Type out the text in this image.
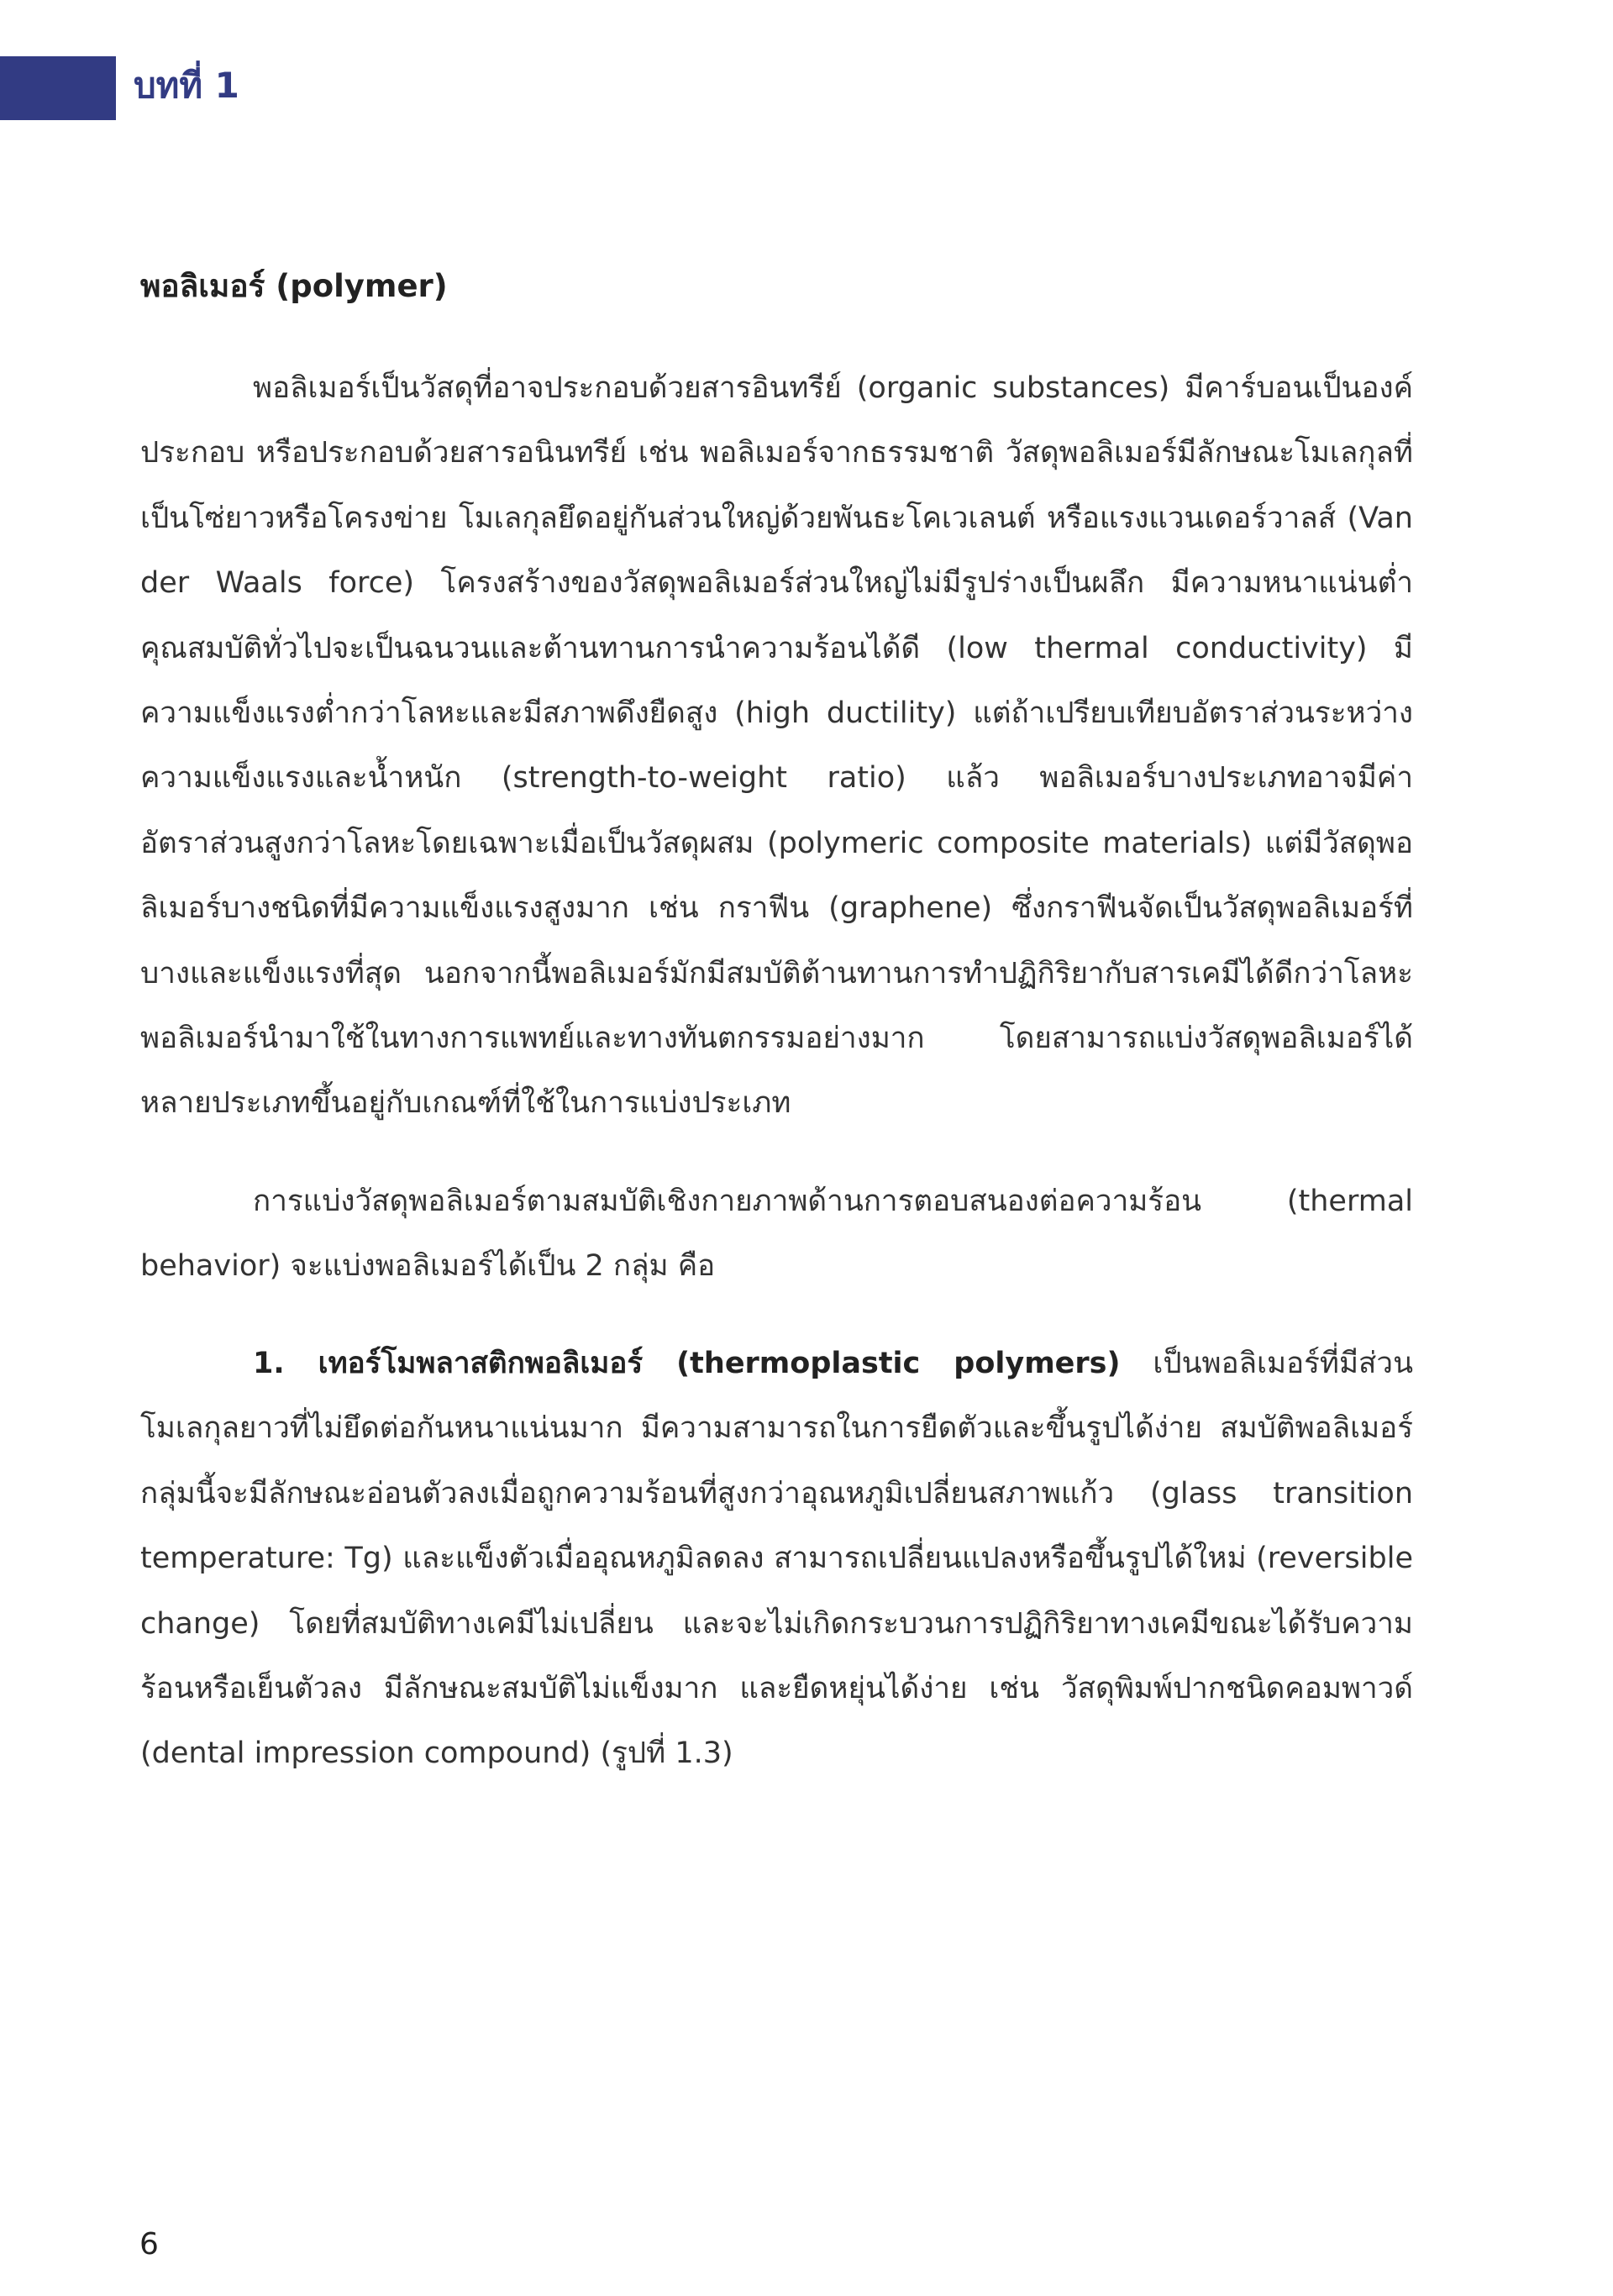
บทที่ 1
พอลิเมอร์ (polymer)

พอลิเมอร์เป็นวัสดุที่อาจประกอบด้วยสารอินทรีย์ (organic substances) มีคาร์บอนเป็นองค์ประกอบ หรือประกอบด้วยสารอนินทรีย์ เช่น พอลิเมอร์จากธรรมชาติ วัสดุพอลิเมอร์มีลักษณะโมเลกุลที่เป็นโซ่ยาวหรือโครงข่าย โมเลกุลยึดอยู่กันส่วนใหญ่ด้วยพันธะโคเวเลนต์ หรือแรงแวนเดอร์วาลส์ (Van der Waals force) โครงสร้างของวัสดุพอลิเมอร์ส่วนใหญ่ไม่มีรูปร่างเป็นผลึก มีความหนาแน่นต่ำ คุณสมบัติทั่วไปจะเป็นฉนวนและต้านทานการนำความร้อนได้ดี (low thermal conductivity) มีความแข็งแรงต่ำกว่าโลหะและมีสภาพดึงยืดสูง (high ductility) แต่ถ้าเปรียบเทียบอัตราส่วนระหว่างความแข็งแรงและน้ำหนัก (strength-to-weight ratio) แล้ว พอลิเมอร์บางประเภทอาจมีค่าอัตราส่วนสูงกว่าโลหะโดยเฉพาะเมื่อเป็นวัสดุผสม (polymeric composite materials) แต่มีวัสดุพอลิเมอร์บางชนิดที่มีความแข็งแรงสูงมาก เช่น กราฟีน (graphene) ซึ่งกราฟีนจัดเป็นวัสดุพอลิเมอร์ที่บางและแข็งแรงที่สุด นอกจากนี้พอลิเมอร์มักมีสมบัติต้านทานการทำปฏิกิริยากับสารเคมีได้ดีกว่าโลหะ พอลิเมอร์นำมาใช้ในทางการแพทย์และทางทันตกรรมอย่างมาก โดยสามารถแบ่งวัสดุพอลิเมอร์ได้หลายประเภทขึ้นอยู่กับเกณฑ์ที่ใช้ในการแบ่งประเภท

การแบ่งวัสดุพอลิเมอร์ตามสมบัติเชิงกายภาพด้านการตอบสนองต่อความร้อน (thermal behavior) จะแบ่งพอลิเมอร์ได้เป็น 2 กลุ่ม คือ

1. เทอร์โมพลาสติกพอลิเมอร์ (thermoplastic polymers) เป็นพอลิเมอร์ที่มีส่วนโมเลกุลยาวที่ไม่ยึดต่อกันหนาแน่นมาก มีความสามารถในการยืดตัวและขึ้นรูปได้ง่าย สมบัติพอลิเมอร์กลุ่มนี้จะมีลักษณะอ่อนตัวลงเมื่อถูกความร้อนที่สูงกว่าอุณหภูมิเปลี่ยนสภาพแก้ว (glass transition temperature: Tg) และแข็งตัวเมื่ออุณหภูมิลดลง สามารถเปลี่ยนแปลงหรือขึ้นรูปได้ใหม่ (reversible change) โดยที่สมบัติทางเคมีไม่เปลี่ยน และจะไม่เกิดกระบวนการปฏิกิริยาทางเคมีขณะได้รับความร้อนหรือเย็นตัวลง มีลักษณะสมบัติไม่แข็งมาก และยืดหยุ่นได้ง่าย เช่น วัสดุพิมพ์ปากชนิดคอมพาวด์ (dental impression compound) (รูปที่ 1.3)

6
